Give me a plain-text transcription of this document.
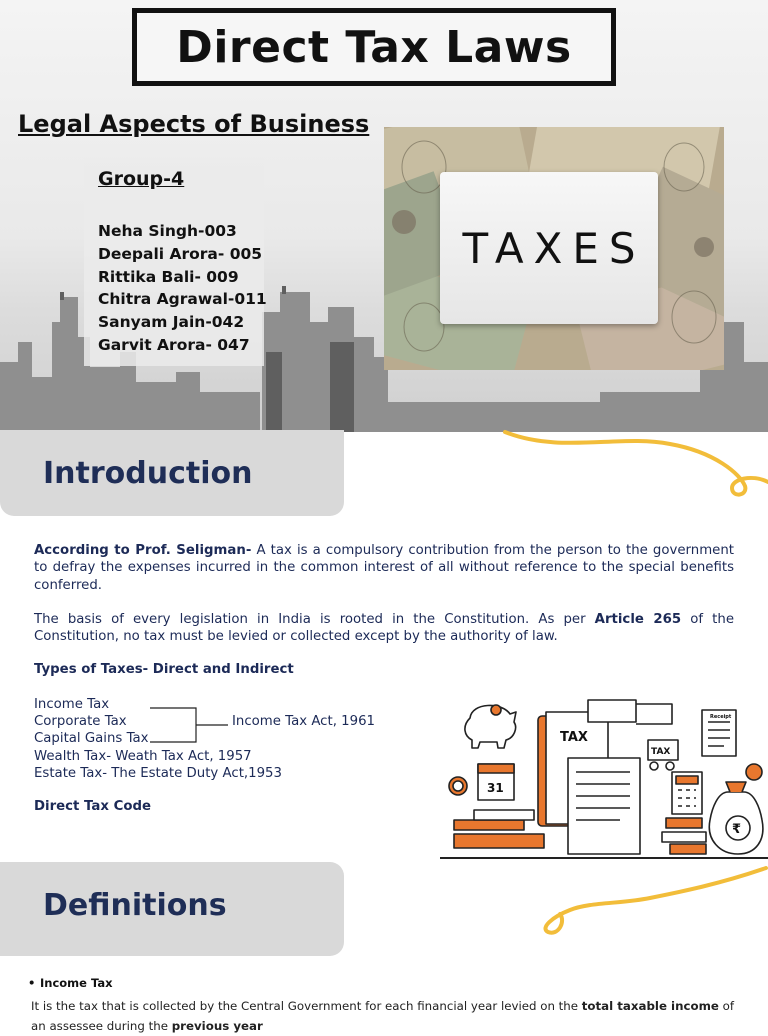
Direct Tax Laws
Legal Aspects of Business
Group-4
Neha Singh-003
Deepali Arora- 005
Rittika Bali- 009
Chitra Agrawal-011
Sanyam Jain-042
Garvit Arora- 047
TAXES
Introduction

According to Prof. Seligman- A tax is a compulsory contribution from the person to the government to defray the expenses incurred in the common interest of all without reference to the special benefits conferred.

The basis of every legislation in India is rooted in the Constitution. As per Article 265 of the Constitution, no tax must be levied or collected except by the authority of law.

Types of Taxes- Direct and Indirect
Income Tax
Corporate Tax
Capital Gains Tax
Wealth Tax- Weath Tax Act, 1957
Estate Tax- The Estate Duty Act,1953
Income Tax Act, 1961
Direct Tax Code
TAX
TAX
31
₹
Receipt
Definitions
• Income Tax

It is the tax that is collected by the Central Government for each financial year levied on the total taxable income of an assessee during the previous year
